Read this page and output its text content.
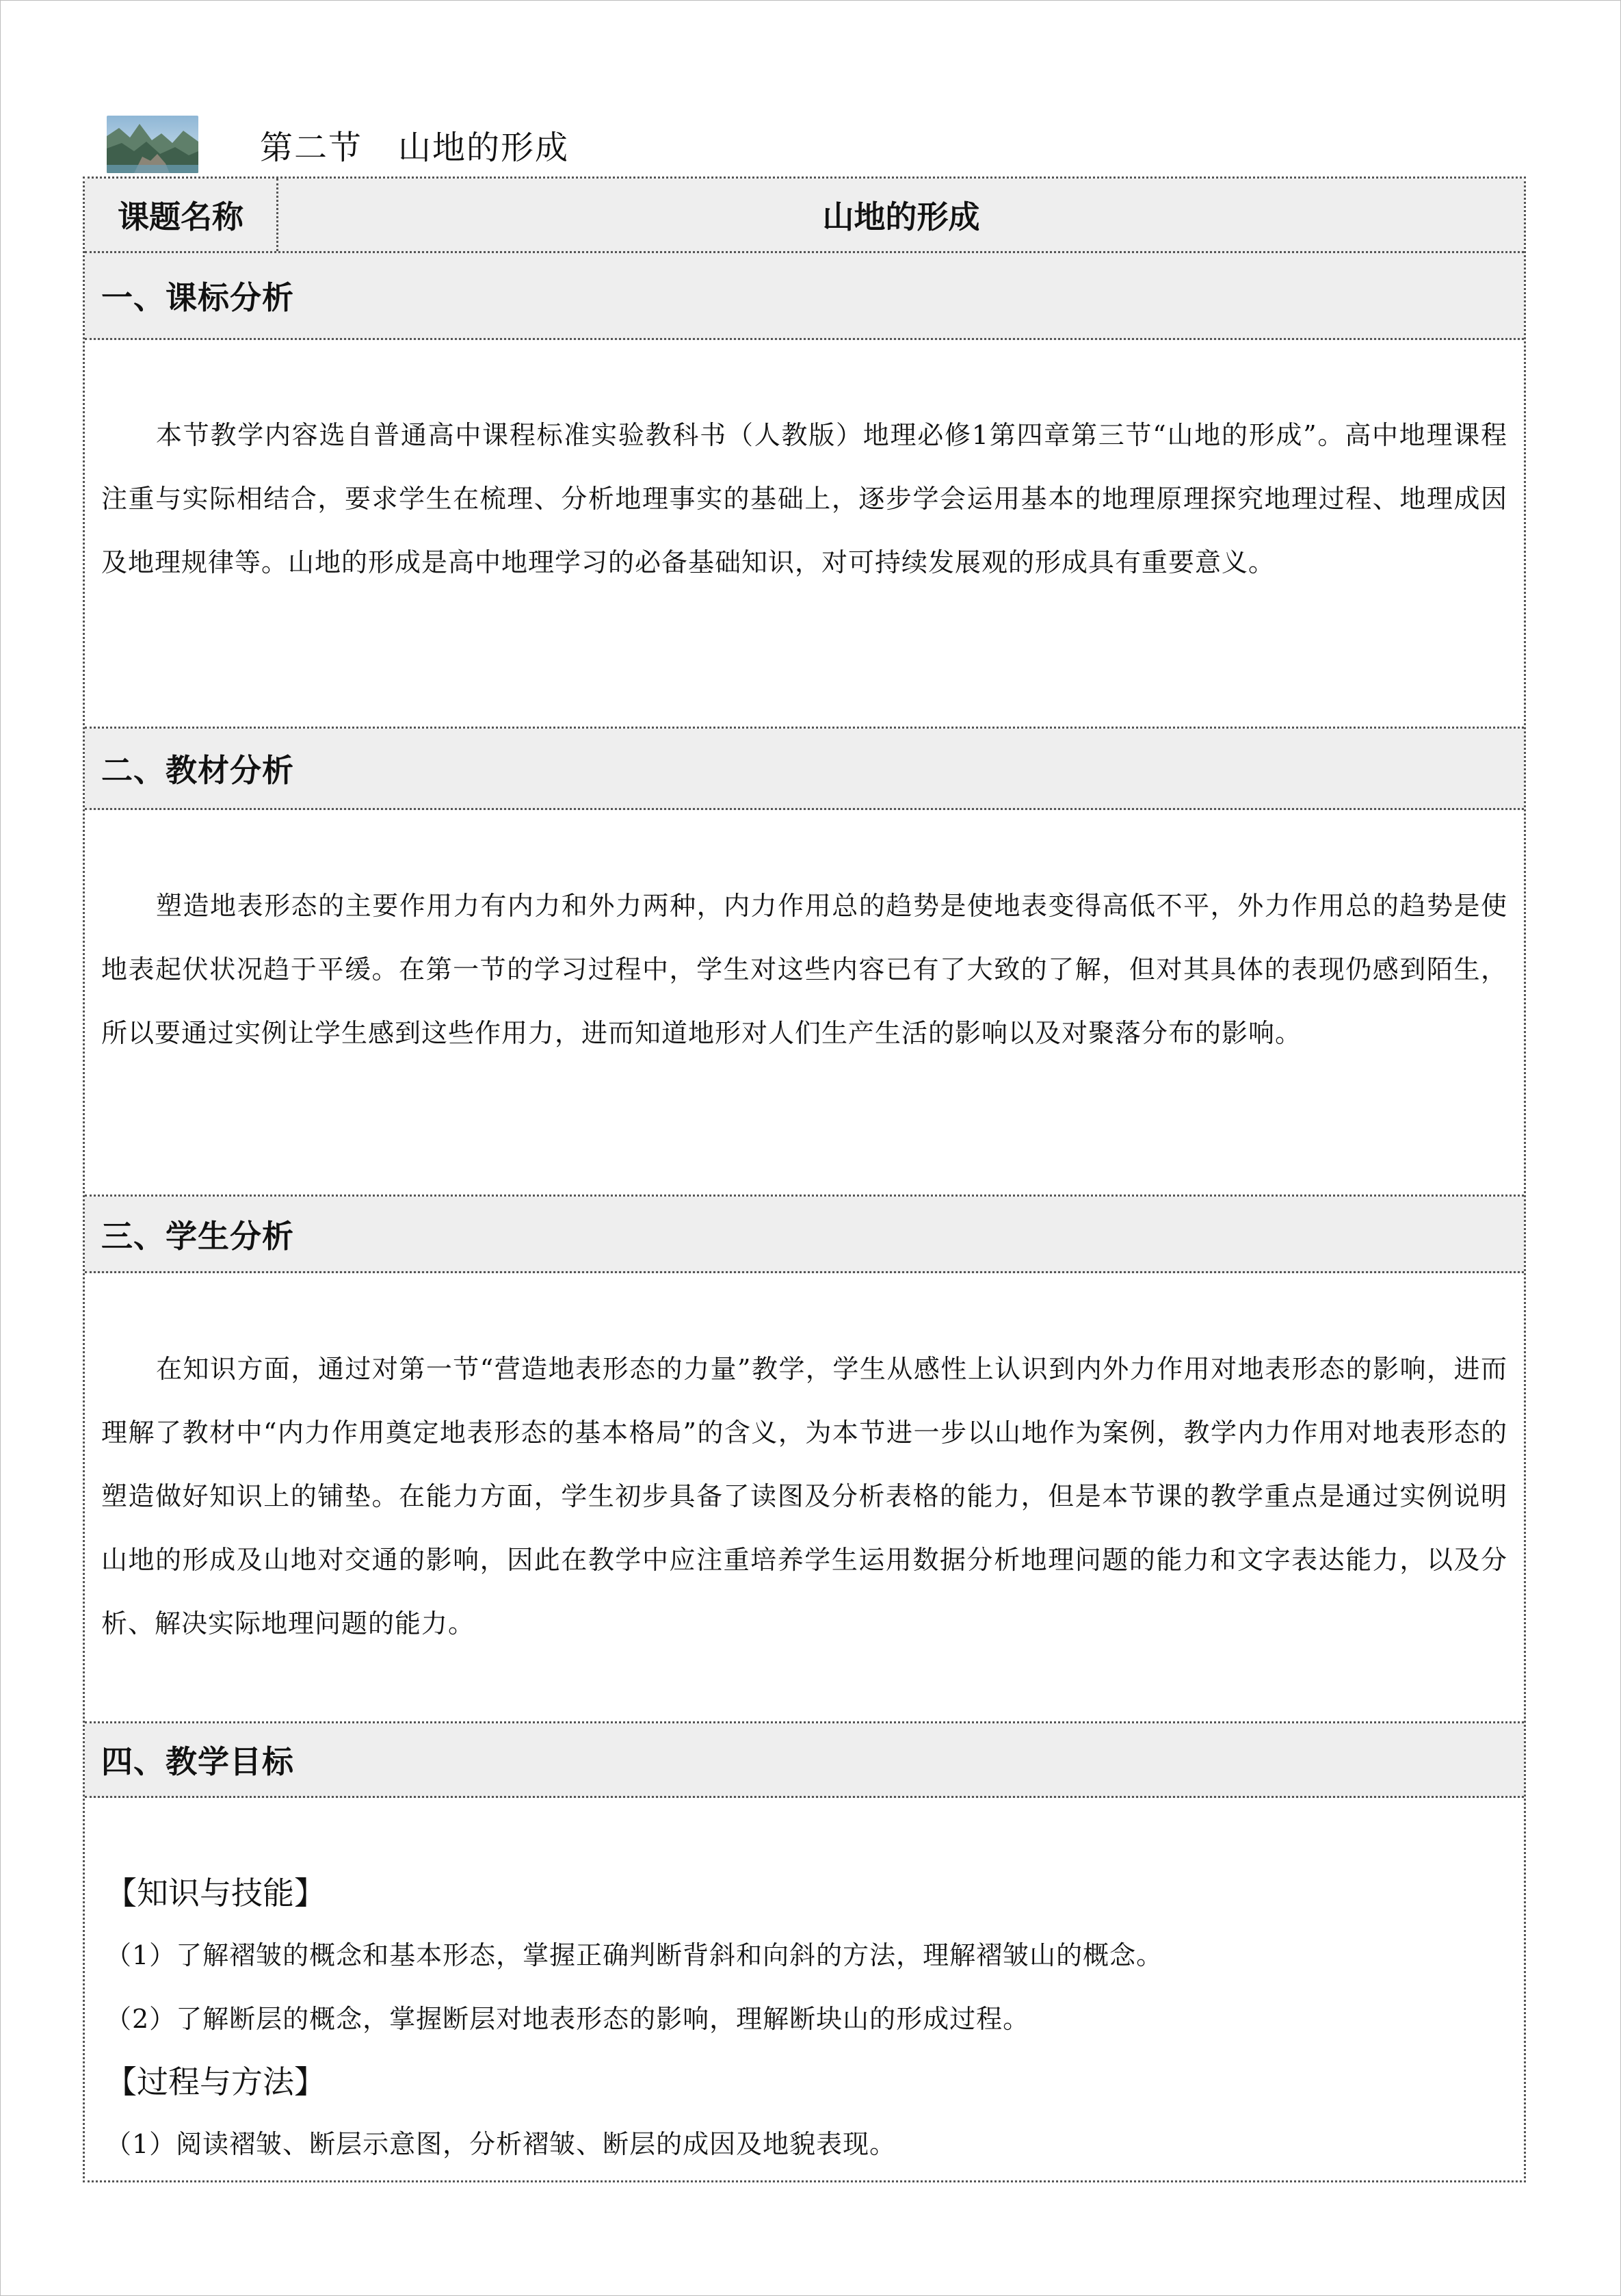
第二节 山地的形成
课题名称	山地的形成
一、课标分析
本节教学内容选自普通高中课程标准实验教科书（人教版）地理必修1第四章第三节“山地的形成”。高中地理课程注重与实际相结合，要求学生在梳理、分析地理事实的基础上，逐步学会运用基本的地理原理探究地理过程、地理成因及地理规律等。山地的形成是高中地理学习的必备基础知识，对可持续发展观的形成具有重要意义。
二、教材分析
塑造地表形态的主要作用力有内力和外力两种，内力作用总的趋势是使地表变得高低不平，外力作用总的趋势是使地表起伏状况趋于平缓。在第一节的学习过程中，学生对这些内容已有了大致的了解，但对其具体的表现仍感到陌生，所以要通过实例让学生感到这些作用力，进而知道地形对人们生产生活的影响以及对聚落分布的影响。
三、学生分析
在知识方面，通过对第一节“营造地表形态的力量”教学，学生从感性上认识到内外力作用对地表形态的影响，进而理解了教材中“内力作用奠定地表形态的基本格局”的含义，为本节进一步以山地作为案例，教学内力作用对地表形态的塑造做好知识上的铺垫。在能力方面，学生初步具备了读图及分析表格的能力，但是本节课的教学重点是通过实例说明山地的形成及山地对交通的影响，因此在教学中应注重培养学生运用数据分析地理问题的能力和文字表达能力，以及分析、解决实际地理问题的能力。
四、教学目标
【知识与技能】
（1）了解褶皱的概念和基本形态，掌握正确判断背斜和向斜的方法，理解褶皱山的概念。
（2）了解断层的概念，掌握断层对地表形态的影响，理解断块山的形成过程。
【过程与方法】
（1）阅读褶皱、断层示意图，分析褶皱、断层的成因及地貌表现。
